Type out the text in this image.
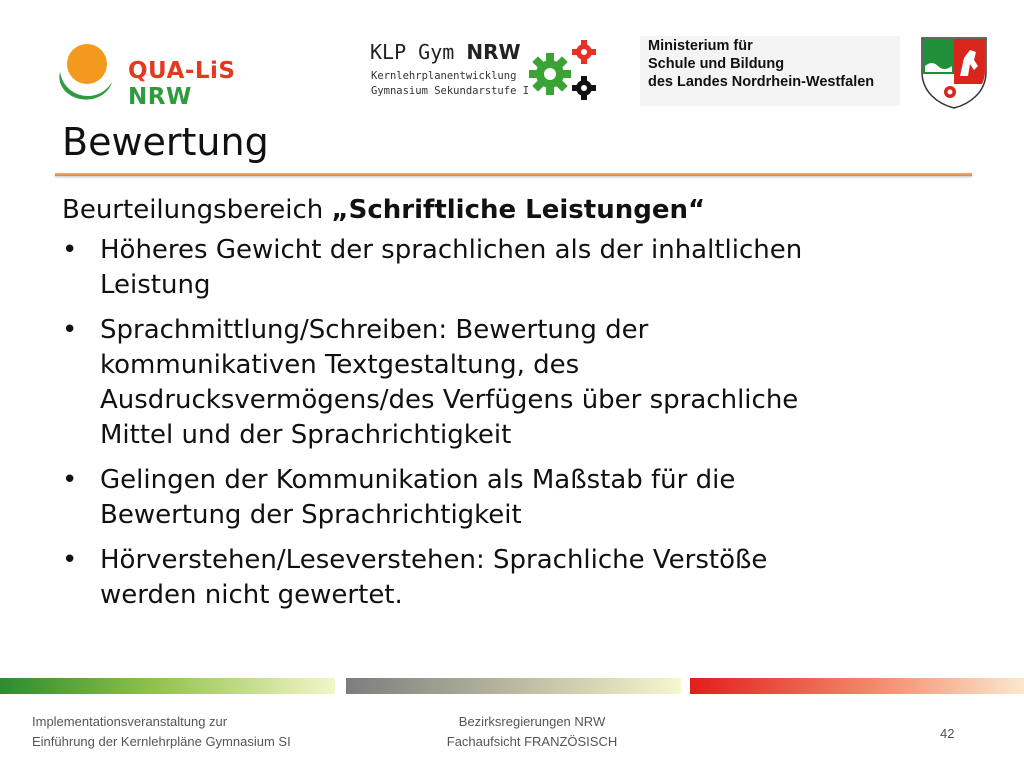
QUA-LiS NRW
KLP Gym NRW
Kernlehrplanentwicklung
Gymnasium Sekundarstufe I
Ministerium für
Schule und Bildung
des Landes Nordrhein-Westfalen
Bewertung
Beurteilungsbereich „Schriftliche Leistungen“
• Höheres Gewicht der sprachlichen als der inhaltlichen
Leistung
• Sprachmittlung/Schreiben: Bewertung der
kommunikativen Textgestaltung, des
Ausdrucksvermögens/des Verfügens über sprachliche
Mittel und der Sprachrichtigkeit
• Gelingen der Kommunikation als Maßstab für die
Bewertung der Sprachrichtigkeit
• Hörverstehen/Leseverstehen: Sprachliche Verstöße
werden nicht gewertet.
Implementationsveranstaltung zur
Einführung der Kernlehrpläne Gymnasium SI
Bezirksregierungen NRW
Fachaufsicht FRANZÖSISCH
42
